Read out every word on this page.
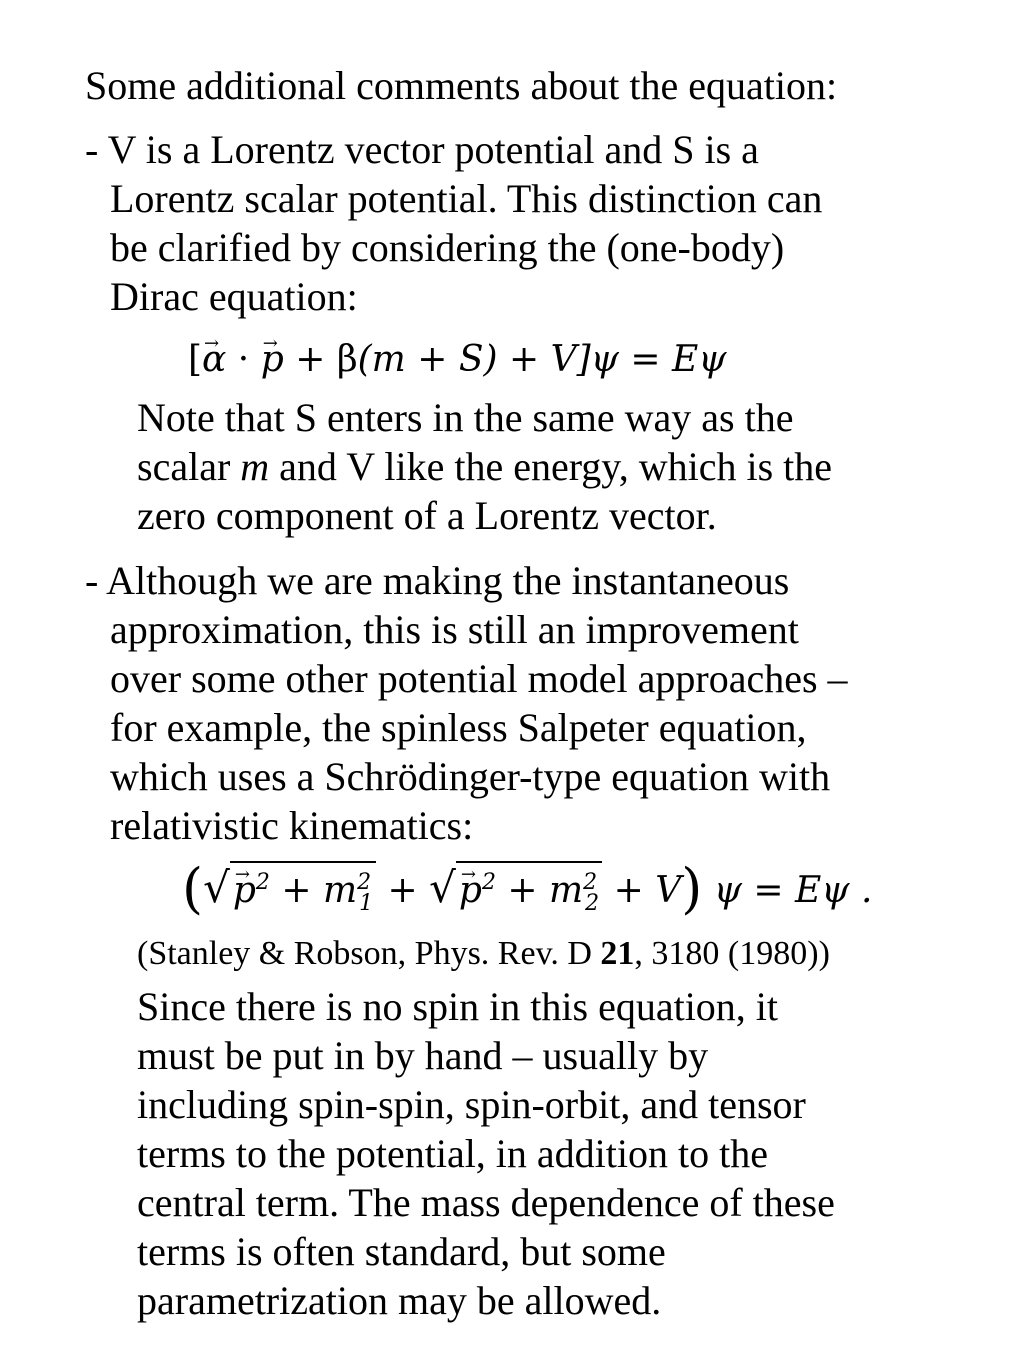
Some additional comments about the equation:
- V is a Lorentz vector potential and S is a
Lorentz scalar potential. This distinction can
be clarified by considering the (one-body)
Dirac equation:
[→ α · → p + β(m + S) + V]ψ = Eψ
Note that S enters in the same way as the
scalar m and V like the energy, which is the
zero component of a Lorentz vector.
- Although we are making the instantaneous
approximation, this is still an improvement
over some other potential model approaches –
for example, the spinless Salpeter equation,
which uses a Schrödinger-type equation with
relativistic kinematics:
(√→ $p^2 + m^2_1$ + √→ $p^2 + m^2_2 + V$) ψ = Eψ .
(Stanley & Robson, Phys. Rev. D 21, 3180 (1980))
Since there is no spin in this equation, it
must be put in by hand – usually by
including spin-spin, spin-orbit, and tensor
terms to the potential, in addition to the
central term. The mass dependence of these
terms is often standard, but some
parametrization may be allowed.
